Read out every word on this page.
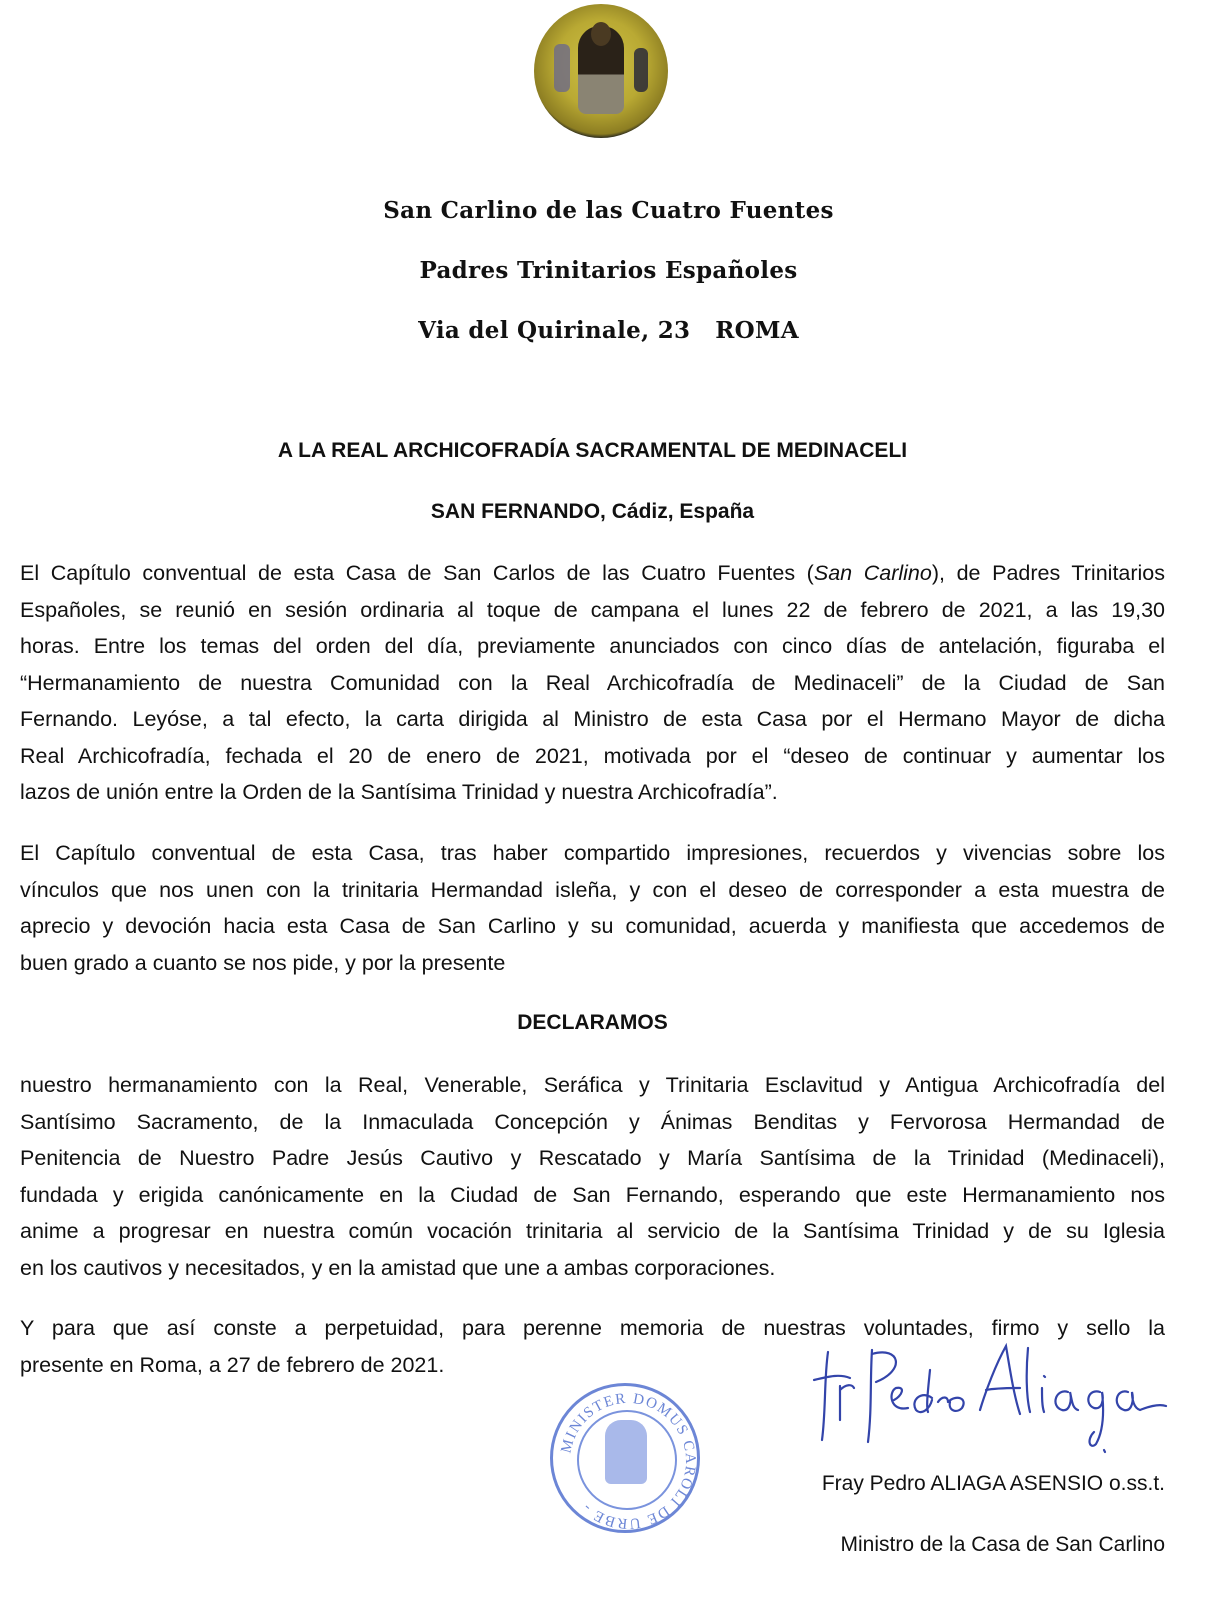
San Carlino de las Cuatro Fuentes
Padres Trinitarios Españoles
Via del Quirinale, 23   ROMA
A LA REAL ARCHICOFRADÍA SACRAMENTAL DE MEDINACELI
SAN FERNANDO, Cádiz, España
El Capítulo conventual de esta Casa de San Carlos de las Cuatro Fuentes (San Carlino), de Padres Trinitarios
Españoles, se reunió en sesión ordinaria al toque de campana el lunes 22 de febrero de 2021, a las 19,30
horas. Entre los temas del orden del día, previamente anunciados con cinco días de antelación, figuraba el
“Hermanamiento de nuestra Comunidad con la Real Archicofradía de Medinaceli” de la Ciudad de San
Fernando. Leyóse, a tal efecto, la carta dirigida al Ministro de esta Casa por el Hermano Mayor de dicha
Real Archicofradía, fechada el 20 de enero de 2021, motivada por el “deseo de continuar y aumentar los
lazos de unión entre la Orden de la Santísima Trinidad y nuestra Archicofradía”.
El Capítulo conventual de esta Casa, tras haber compartido impresiones, recuerdos y vivencias sobre los
vínculos que nos unen con la trinitaria Hermandad isleña, y con el deseo de corresponder a esta muestra de
aprecio y devoción hacia esta Casa de San Carlino y su comunidad, acuerda y manifiesta que accedemos de
buen grado a cuanto se nos pide, y por la presente
DECLARAMOS
nuestro hermanamiento con la Real, Venerable, Seráfica y Trinitaria Esclavitud y Antigua Archicofradía del
Santísimo Sacramento, de la Inmaculada Concepción y Ánimas Benditas y Fervorosa Hermandad de
Penitencia de Nuestro Padre Jesús Cautivo y Rescatado y María Santísima de la Trinidad (Medinaceli),
fundada y erigida canónicamente en la Ciudad de San Fernando, esperando que este Hermanamiento nos
anime a progresar en nuestra común vocación trinitaria al servicio de la Santísima Trinidad y de su Iglesia
en los cautivos y necesitados, y en la amistad que une a ambas corporaciones.
Y para que así conste a perpetuidad, para perenne memoria de nuestras voluntades, firmo y sello la
presente en Roma, a 27 de febrero de 2021.
MINISTER DOMUS CAROLI DE URBE -
Fray Pedro ALIAGA ASENSIO o.ss.t.
Ministro de la Casa de San Carlino
